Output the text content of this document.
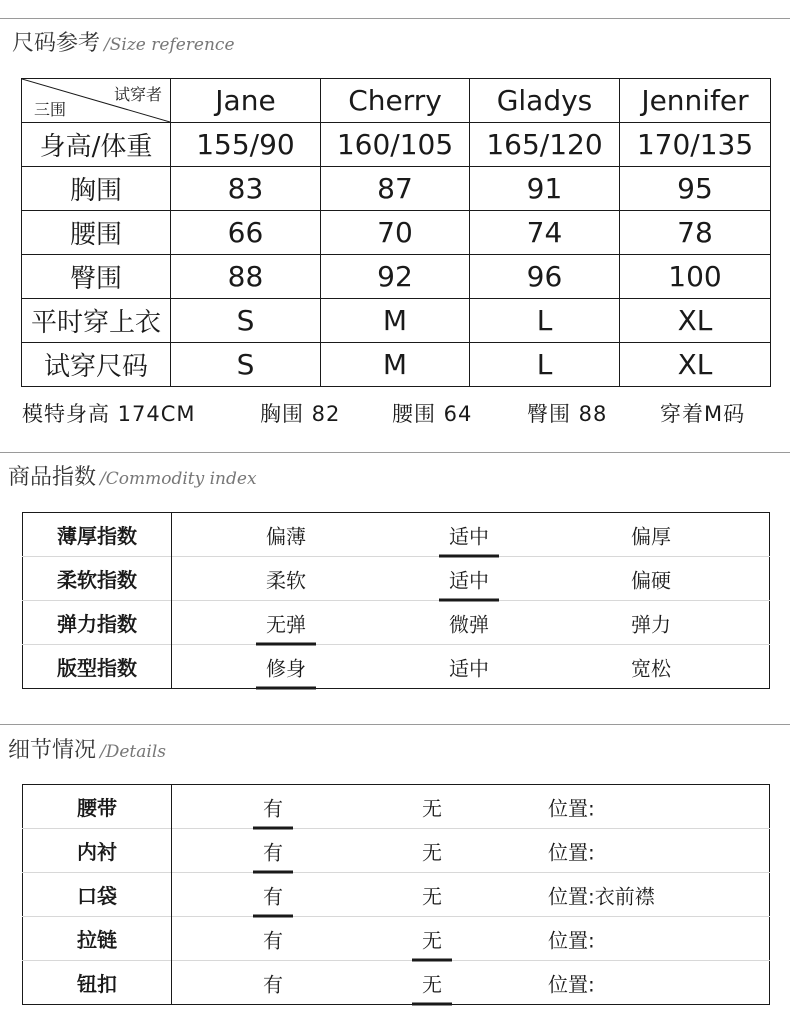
尺码参考 /Size reference
试穿者
三围	Jane	Cherry	Gladys	Jennifer
身高/体重	155/90	160/105	165/120	170/135
胸围	83	87	91	95
腰围	66	70	74	78
臀围	88	92	96	100
平时穿上衣	S	M	L	XL
试穿尺码	S	M	L	XL
模特身高 174CM	胸围 82 腰围 64	臀围 88	穿着M码
商品指数 /Commodity index
薄厚指数	偏薄 适中 偏厚

柔软指数	柔软 适中 偏硬

弹力指数	无弹 微弹 弹力

版型指数	修身 适中 宽松
细节情况 /Details
腰带	有 无 位置:

内衬	有 无 位置:

口袋	有 无 位置:衣前襟

拉链	有 无 位置:

钮扣	有 无 位置:
